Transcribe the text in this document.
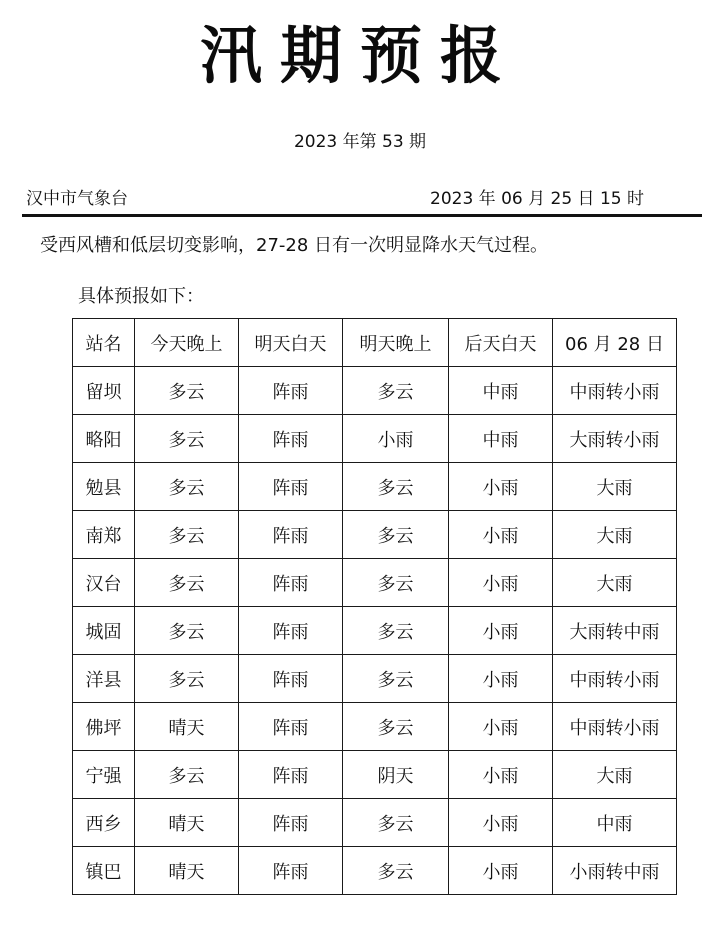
汛期预报
2023 年第 53 期
汉中市气象台	2023 年 06 月 25 日 15 时
受西风槽和低层切变影响，27-28 日有一次明显降水天气过程。
具体预报如下：
站名	今天晚上	明天白天	明天晚上	后天白天	06 月 28 日
留坝	多云	阵雨	多云	中雨	中雨转小雨
略阳	多云	阵雨	小雨	中雨	大雨转小雨
勉县	多云	阵雨	多云	小雨	大雨
南郑	多云	阵雨	多云	小雨	大雨
汉台	多云	阵雨	多云	小雨	大雨
城固	多云	阵雨	多云	小雨	大雨转中雨
洋县	多云	阵雨	多云	小雨	中雨转小雨
佛坪	晴天	阵雨	多云	小雨	中雨转小雨
宁强	多云	阵雨	阴天	小雨	大雨
西乡	晴天	阵雨	多云	小雨	中雨
镇巴	晴天	阵雨	多云	小雨	小雨转中雨
